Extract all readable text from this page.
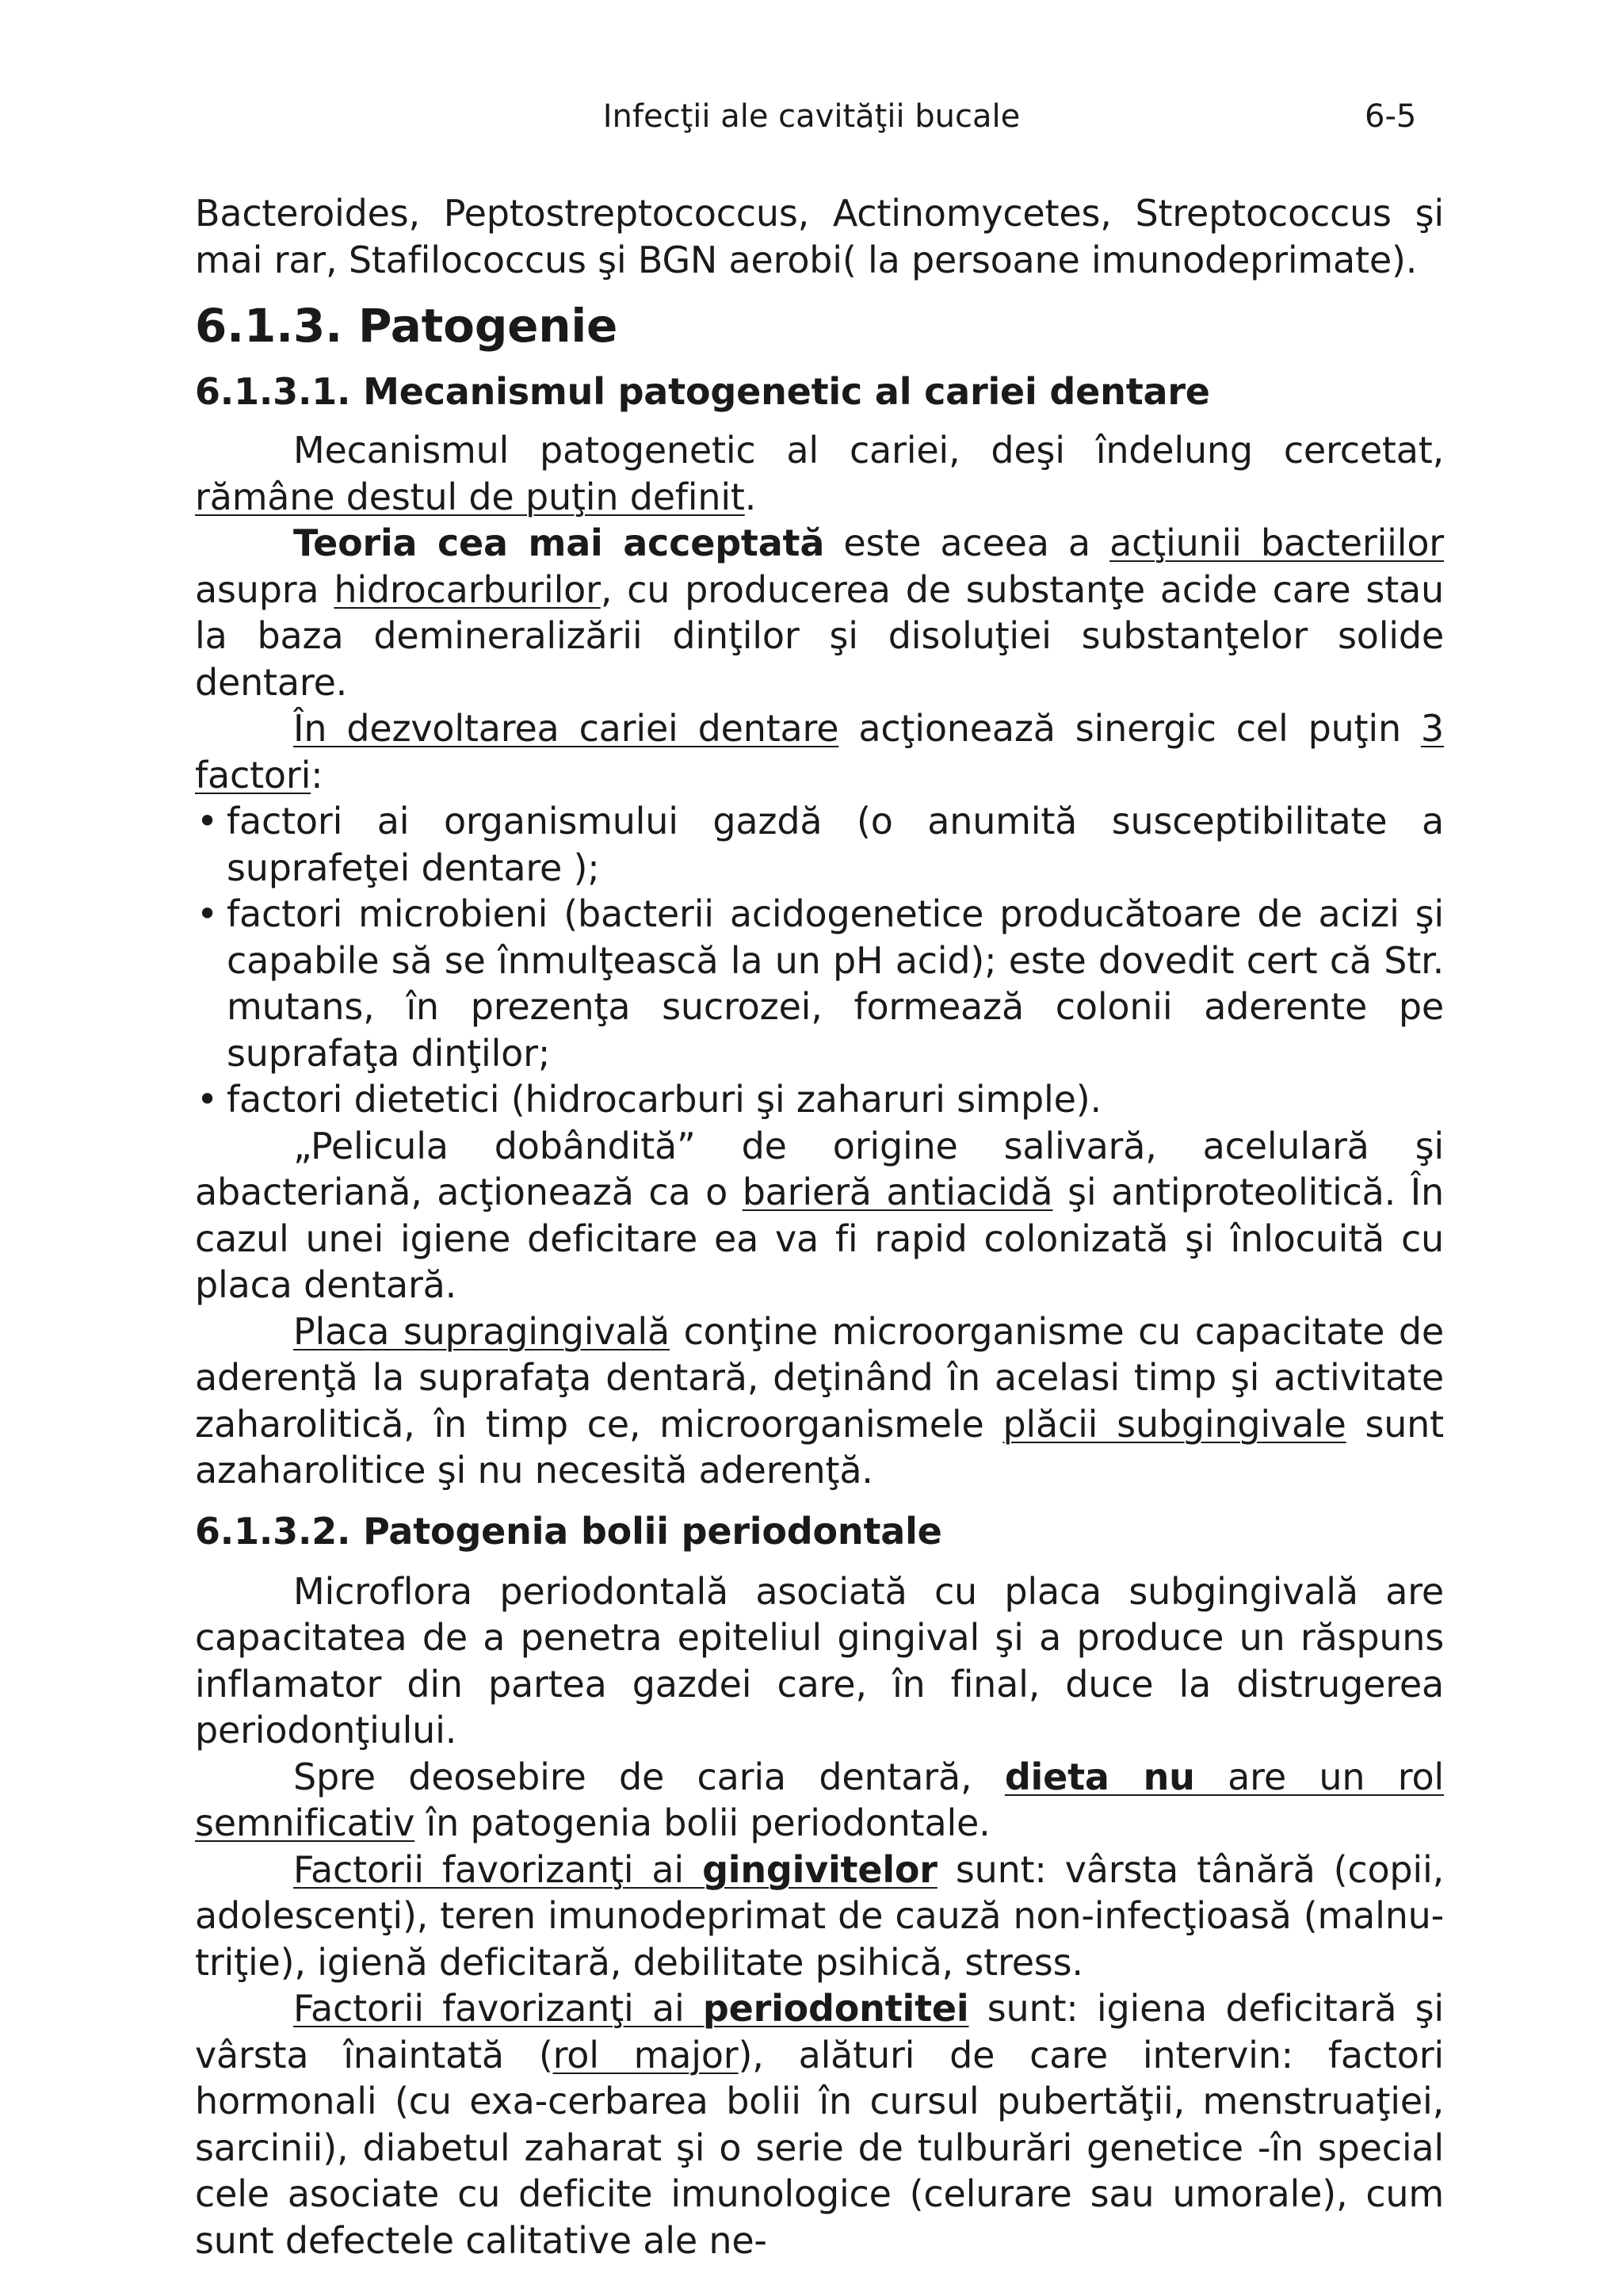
Infecţii ale cavităţii bucale	6-5

Bacteroides, Peptostreptococcus, Actinomycetes, Streptococcus şi mai rar, Stafilococcus şi BGN aerobi( la persoane imunodeprimate).

6.1.3. Patogenie
6.1.3.1. Mecanismul patogenetic al cariei dentare

Mecanismul patogenetic al cariei, deşi îndelung cercetat, rămâne destul de puţin definit.

Teoria cea mai acceptată este aceea a acţiunii bacteriilor asupra hidrocarburilor, cu producerea de substanţe acide care stau la baza demineralizării dinţilor şi disoluţiei substanţelor solide dentare.

În dezvoltarea cariei dentare acţionează sinergic cel puţin 3 factori:

• factori ai organismului gazdă (o anumită susceptibilitate a suprafeţei dentare );

• factori microbieni (bacterii acidogenetice producătoare de acizi şi capabile să se înmulţească la un pH acid); este dovedit cert că Str. mutans, în prezenţa sucrozei, formează colonii aderente pe suprafaţa dinţilor;

• factori dietetici (hidrocarburi şi zaharuri simple).

„Pelicula dobândită” de origine salivară, acelulară şi abacteriană, acţionează ca o barieră antiacidă şi antiproteolitică. În cazul unei igiene deficitare ea va fi rapid colonizată şi înlocuită cu placa dentară.

Placa supragingivală conţine microorganisme cu capacitate de aderenţă la suprafaţa dentară, deţinând în acelasi timp şi activitate zaharolitică, în timp ce, microorganismele plăcii subgingivale sunt azaharolitice şi nu necesită aderenţă.

6.1.3.2. Patogenia bolii periodontale

Microflora periodontală asociată cu placa subgingivală are capacitatea de a penetra epiteliul gingival şi a produce un răspuns inflamator din partea gazdei care, în final, duce la distrugerea periodonţiului.

Spre deosebire de caria dentară, dieta nu are un rol semnificativ în patogenia bolii periodontale.

Factorii favorizanţi ai gingivitelor sunt: vârsta tânără (copii, adolescenţi), teren imunodeprimat de cauză non-infecţioasă (malnu-triţie), igienă deficitară, debilitate psihică, stress.

Factorii favorizanţi ai periodontitei sunt: igiena deficitară şi vârsta înaintată (rol major), alături de care intervin: factori hormonali (cu exa-cerbarea bolii în cursul pubertăţii, menstruaţiei, sarcinii), diabetul zaharat şi o serie de tulburări genetice -în special cele asociate cu deficite imunologice (celurare sau umorale), cum sunt defectele calitative ale ne-
